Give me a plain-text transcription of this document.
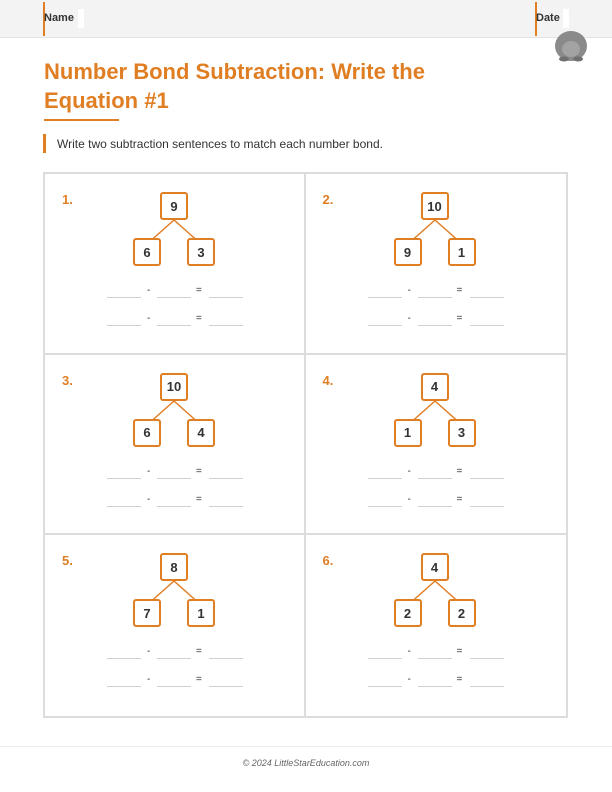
Name	Date
Number Bond Subtraction: Write the Equation #1
Write two subtraction sentences to match each number bond.
1.	9
6	3
-	=
-	=
2.	10
9	1
-	=
-	=
3.	10
6	4
-	=
-	=
4.	4
1	3
-	=
-	=
5.	8
7	1
-	=
-	=
6.	4
2	2
-	=
-	=
© 2024 LittleStarEducation.com
